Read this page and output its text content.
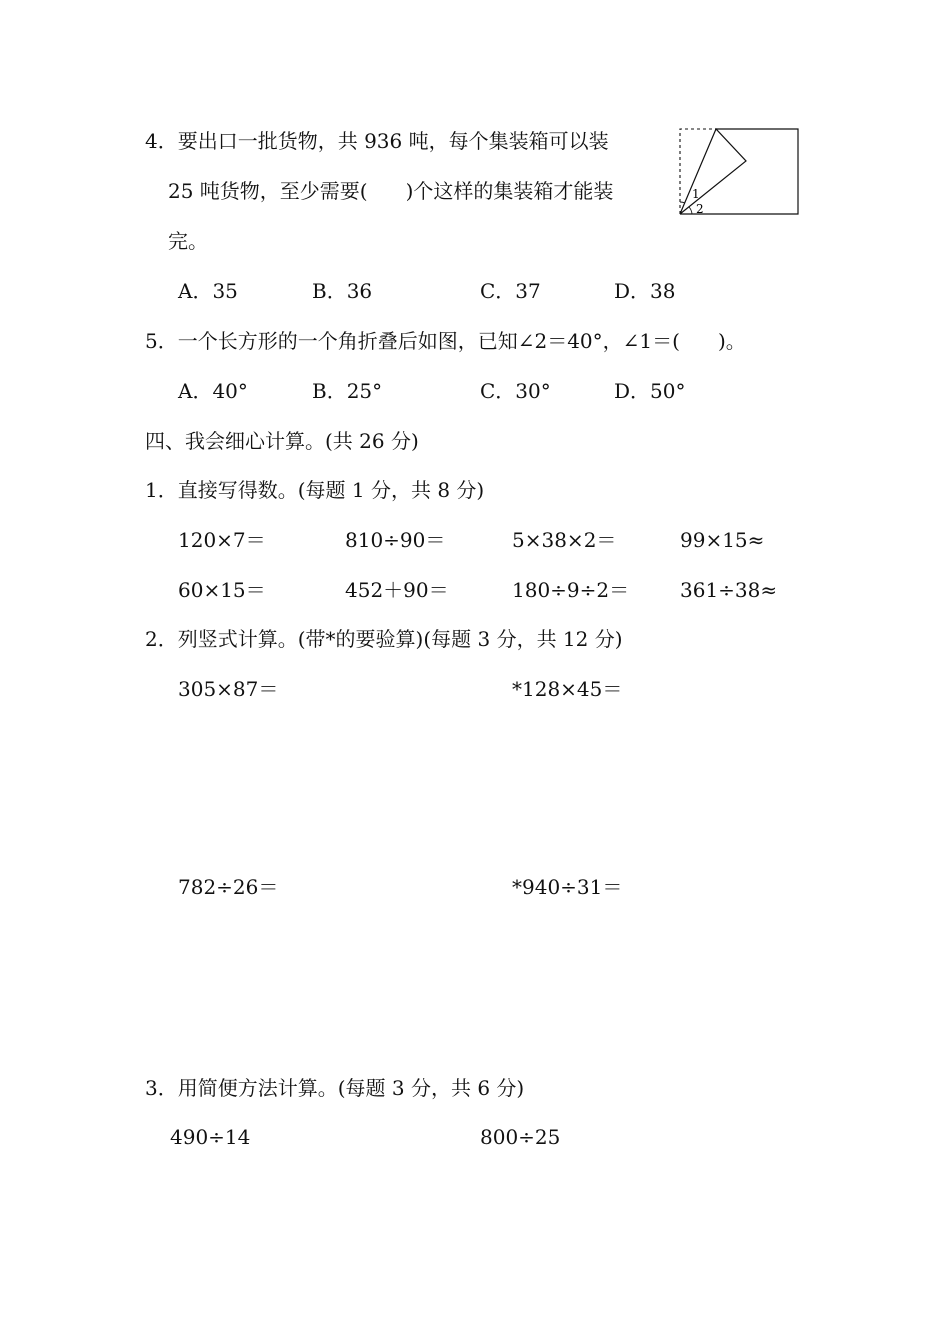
4．要出口一批货物，共 936 吨，每个集装箱可以装
25 吨货物，至少需要( )个这样的集装箱才能装
完。
A．35	B．36	C．37	D．38
1
2
5．一个长方形的一个角折叠后如图，已知∠2＝40°，∠1＝( )。
A．40°	B．25°	C．30°	D．50°
四、我会细心计算。(共 26 分)
1．直接写得数。(每题 1 分，共 8 分)
120×7＝	810÷90＝	5×38×2＝	99×15≈
60×15＝	452＋90＝	180÷9÷2＝	361÷38≈
2．列竖式计算。(带*的要验算)(每题 3 分，共 12 分)
305×87＝	*128×45＝
782÷26＝	*940÷31＝
3．用简便方法计算。(每题 3 分，共 6 分)
490÷14	800÷25
